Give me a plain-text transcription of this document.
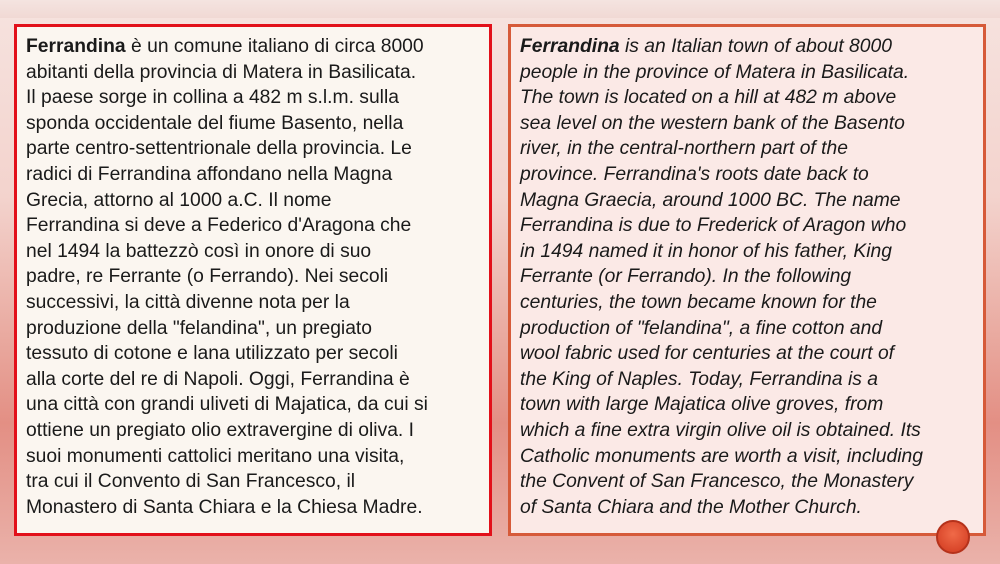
Ferrandina è un comune italiano di circa 8000
abitanti della provincia di Matera in Basilicata.
Il paese sorge in collina a 482 m s.l.m. sulla
sponda occidentale del fiume Basento, nella
parte centro-settentrionale della provincia. Le
radici di Ferrandina affondano nella Magna
Grecia, attorno al 1000 a.C. Il nome
Ferrandina si deve a Federico d'Aragona che
nel 1494 la battezzò così in onore di suo
padre, re Ferrante (o Ferrando). Nei secoli
successivi, la città divenne nota per la
produzione della "felandina", un pregiato
tessuto di cotone e lana utilizzato per secoli
alla corte del re di Napoli. Oggi, Ferrandina è
una città con grandi uliveti di Majatica, da cui si
ottiene un pregiato olio extravergine di oliva. I
suoi monumenti cattolici meritano una visita,
tra cui il Convento di San Francesco, il
Monastero di Santa Chiara e la Chiesa Madre.

Ferrandina is an Italian town of about 8000
people in the province of Matera in Basilicata.
The town is located on a hill at 482 m above
sea level on the western bank of the Basento
river, in the central-northern part of the
province. Ferrandina's roots date back to
Magna Graecia, around 1000 BC. The name
Ferrandina is due to Frederick of Aragon who
in 1494 named it in honor of his father, King
Ferrante (or Ferrando). In the following
centuries, the town became known for the
production of "felandina", a fine cotton and
wool fabric used for centuries at the court of
the King of Naples. Today, Ferrandina is a
town with large Majatica olive groves, from
which a fine extra virgin olive oil is obtained. Its
Catholic monuments are worth a visit, including
the Convent of San Francesco, the Monastery
of Santa Chiara and the Mother Church.
